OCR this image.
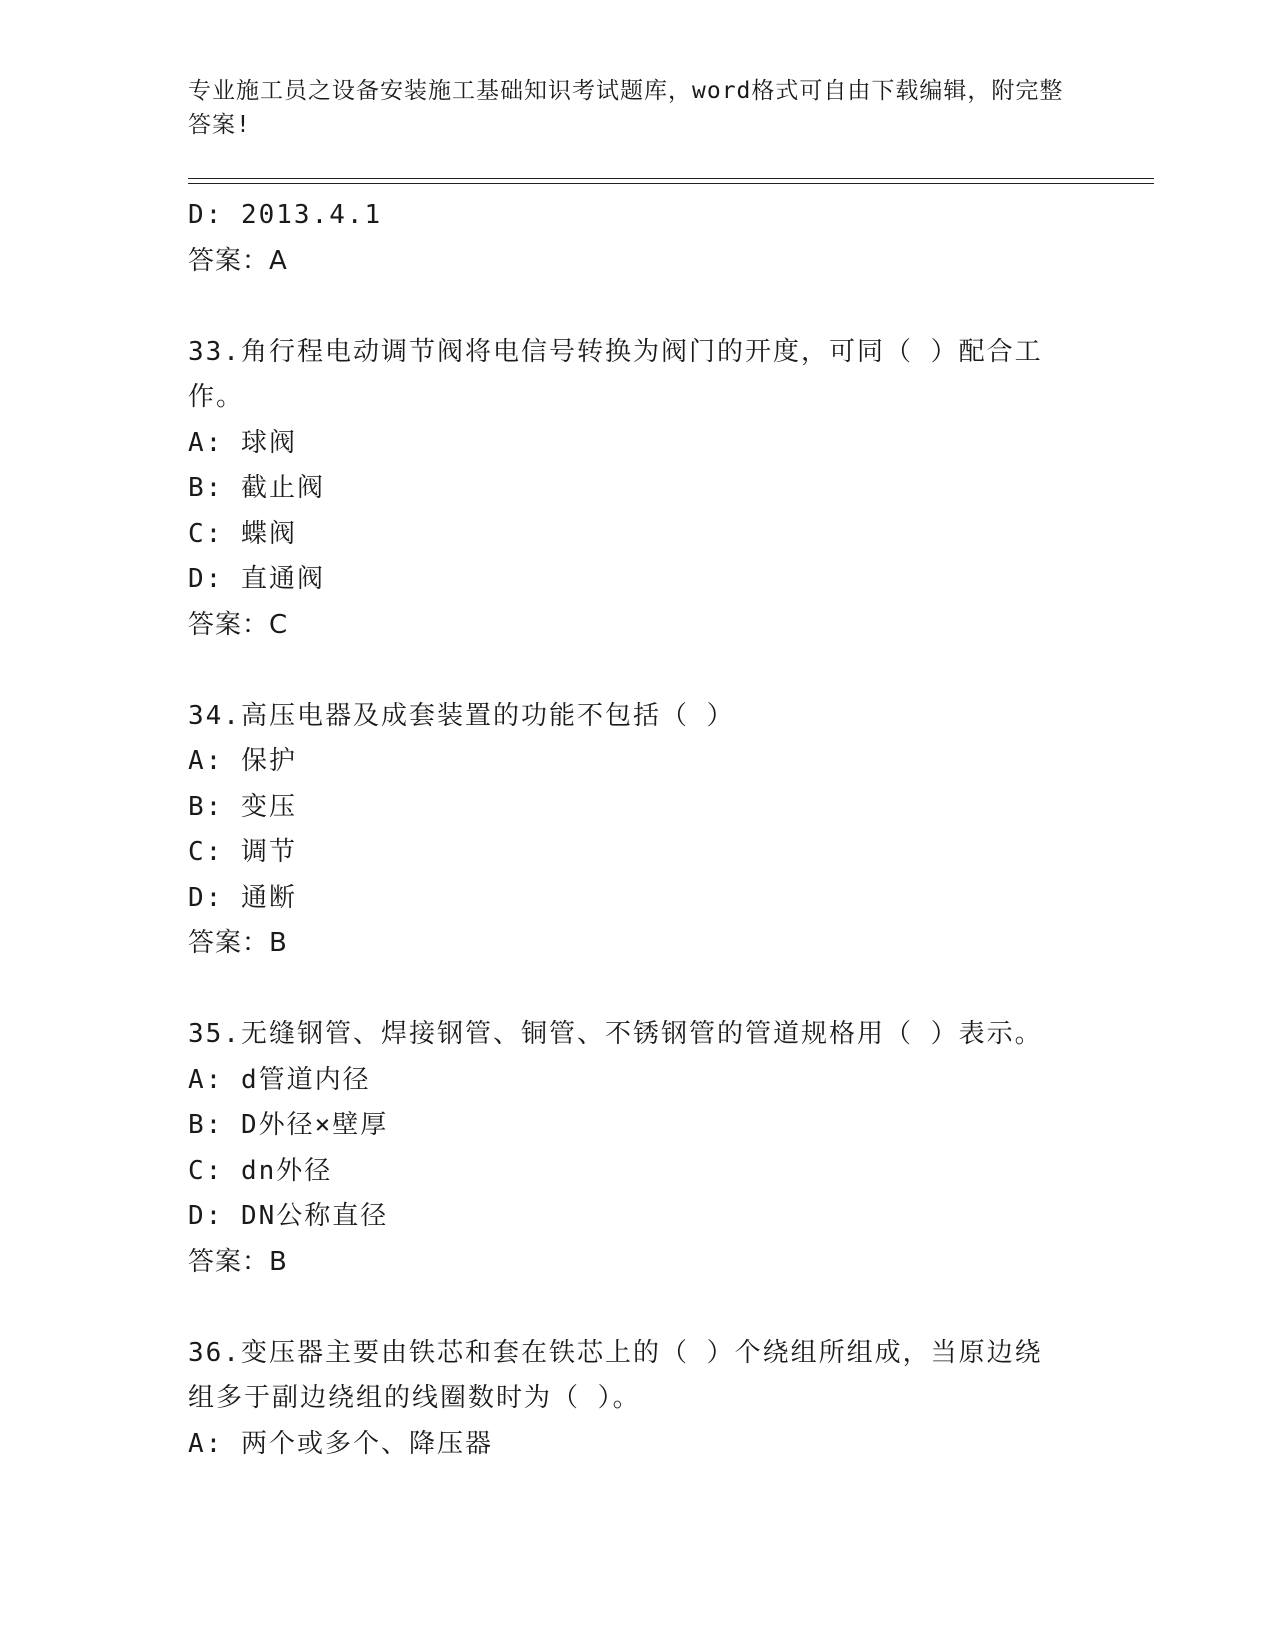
专业施工员之设备安装施工基础知识考试题库，word格式可自由下载编辑，附完整答案!
D: 2013.4.1
答案：A
33.角行程电动调节阀将电信号转换为阀门的开度，可同（ ）配合工作。
A: 球阀
B: 截止阀
C: 蝶阀
D: 直通阀
答案：C
34.高压电器及成套装置的功能不包括（ ）
A: 保护
B: 变压
C: 调节
D: 通断
答案：B
35.无缝钢管、焊接钢管、铜管、不锈钢管的管道规格用（ ）表示。
A: d管道内径
B: D外径×壁厚
C: dn外径
D: DN公称直径
答案：B
36.变压器主要由铁芯和套在铁芯上的（ ）个绕组所组成，当原边绕组多于副边绕组的线圈数时为（ ）。
A: 两个或多个、降压器
